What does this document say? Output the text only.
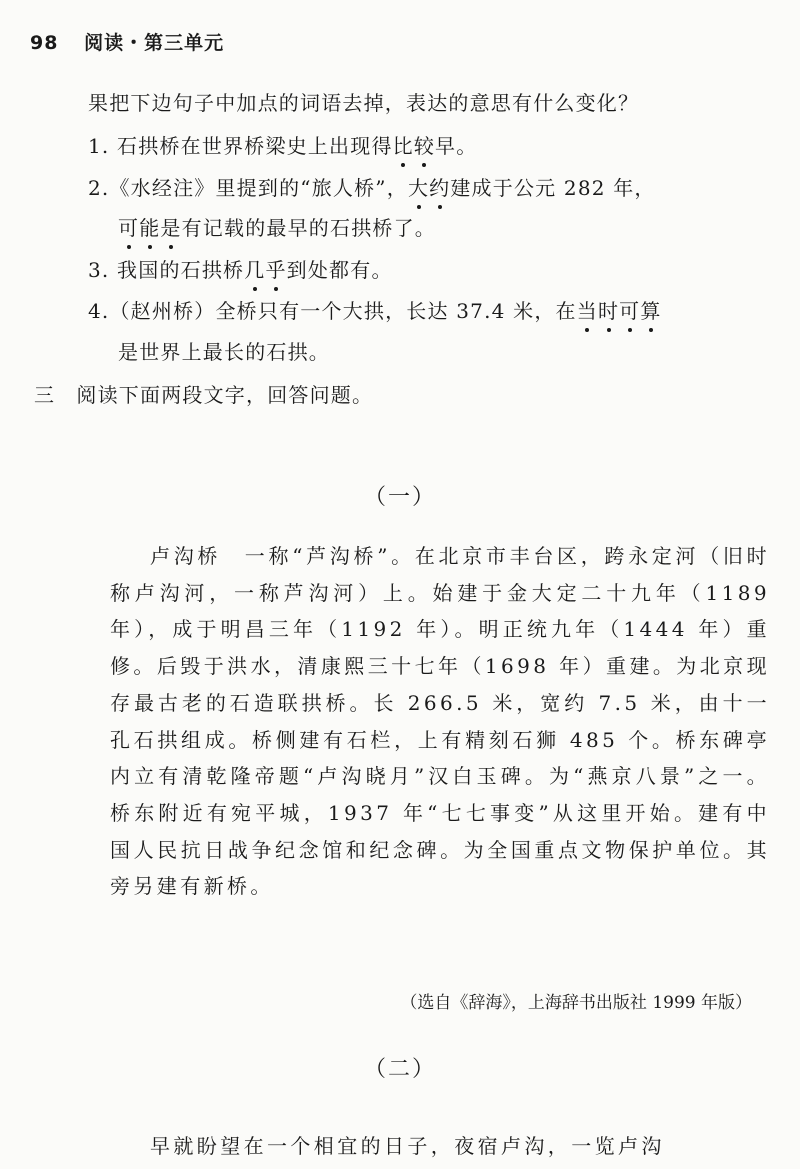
98 阅读・第三单元
果把下边句子中加点的词语去掉，表达的意思有什么变化？
1. 石拱桥在世界桥梁史上出现得比较早。
2.《水经注》里提到的“旅人桥”，大约建成于公元 282 年，
可能是有记载的最早的石拱桥了。
3. 我国的石拱桥几乎到处都有。
4.（赵州桥）全桥只有一个大拱，长达 37.4 米，在当时可算
是世界上最长的石拱。
三　阅读下面两段文字，回答问题。
（一）
卢沟桥　一称“芦沟桥”。在北京市丰台区，跨永定河（旧时称卢沟河，一称芦沟河）上。始建于金大定二十九年（1189 年），成于明昌三年（1192 年）。明正统九年（1444 年）重修。后毁于洪水，清康熙三十七年（1698 年）重建。为北京现存最古老的石造联拱桥。长 266.5 米，宽约 7.5 米，由十一孔石拱组成。桥侧建有石栏，上有精刻石狮 485 个。桥东碑亭内立有清乾隆帝题“卢沟晓月”汉白玉碑。为“燕京八景”之一。桥东附近有宛平城，1937 年“七七事变”从这里开始。建有中国人民抗日战争纪念馆和纪念碑。为全国重点文物保护单位。其旁另建有新桥。
（选自《辞海》，上海辞书出版社 1999 年版）
（二）
早就盼望在一个相宜的日子，夜宿卢沟，一览卢沟
